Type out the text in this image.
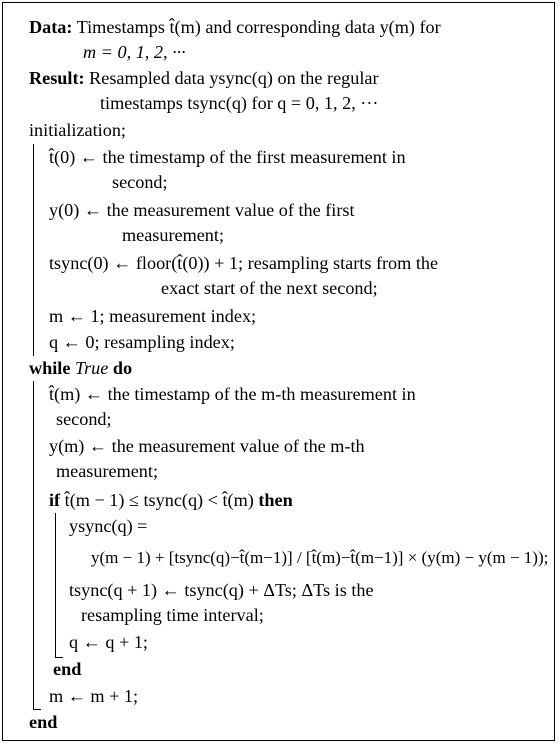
Data: Timestamps t̂(m) and corresponding data y(m) for
m = 0, 1, 2, ···
Result: Resampled data ysync(q) on the regular
timestamps tsync(q) for q = 0, 1, 2, ···
initialization;
t̂(0) ← the timestamp of the first measurement in
second;
y(0) ← the measurement value of the first
measurement;
tsync(0) ← floor(t̂(0)) + 1; resampling starts from the
exact start of the next second;
m ← 1; measurement index;
q ← 0; resampling index;
while True do
t̂(m) ← the timestamp of the m-th measurement in
second;
y(m) ← the measurement value of the m-th
measurement;
if t̂(m − 1) ≤ tsync(q) < t̂(m) then
ysync(q) =
y(m − 1) + [tsync(q)−t̂(m−1)] / [t̂(m)−t̂(m−1)] × (y(m) − y(m − 1));
tsync(q + 1) ← tsync(q) + ΔTs; ΔTs is the
resampling time interval;
q ← q + 1;
end
m ← m + 1;
end
